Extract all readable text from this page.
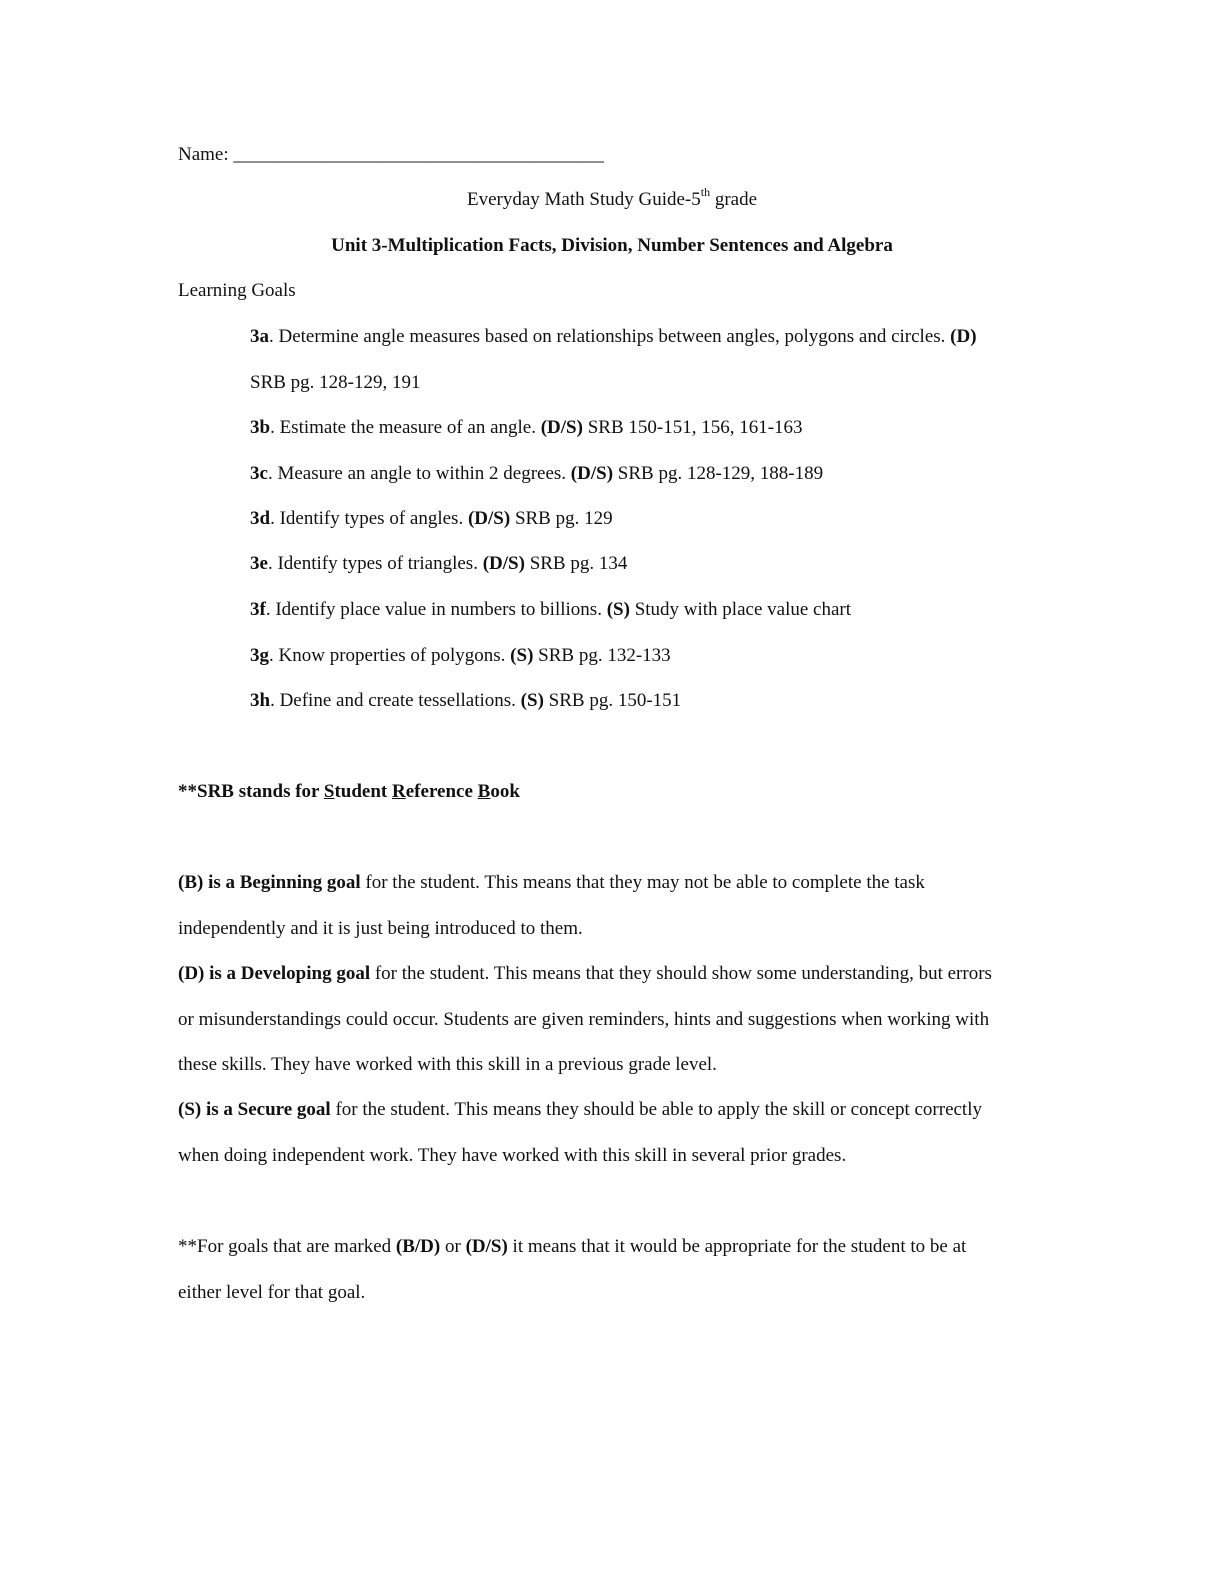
Name: _______________________________________
Everyday Math Study Guide-5th grade
Unit 3-Multiplication Facts, Division, Number Sentences and Algebra
Learning Goals
3a. Determine angle measures based on relationships between angles, polygons and circles. (D)
SRB pg. 128-129, 191
3b. Estimate the measure of an angle. (D/S) SRB 150-151, 156, 161-163
3c. Measure an angle to within 2 degrees. (D/S) SRB pg. 128-129, 188-189
3d. Identify types of angles. (D/S) SRB pg. 129
3e. Identify types of triangles. (D/S) SRB pg. 134
3f. Identify place value in numbers to billions. (S) Study with place value chart
3g. Know properties of polygons. (S) SRB pg. 132-133
3h. Define and create tessellations. (S) SRB pg. 150-151
**SRB stands for Student Reference Book
(B) is a Beginning goal for the student. This means that they may not be able to complete the task
independently and it is just being introduced to them.
(D) is a Developing goal for the student. This means that they should show some understanding, but errors
or misunderstandings could occur. Students are given reminders, hints and suggestions when working with
these skills. They have worked with this skill in a previous grade level.
(S) is a Secure goal for the student. This means they should be able to apply the skill or concept correctly
when doing independent work. They have worked with this skill in several prior grades.
**For goals that are marked (B/D) or (D/S) it means that it would be appropriate for the student to be at
either level for that goal.
